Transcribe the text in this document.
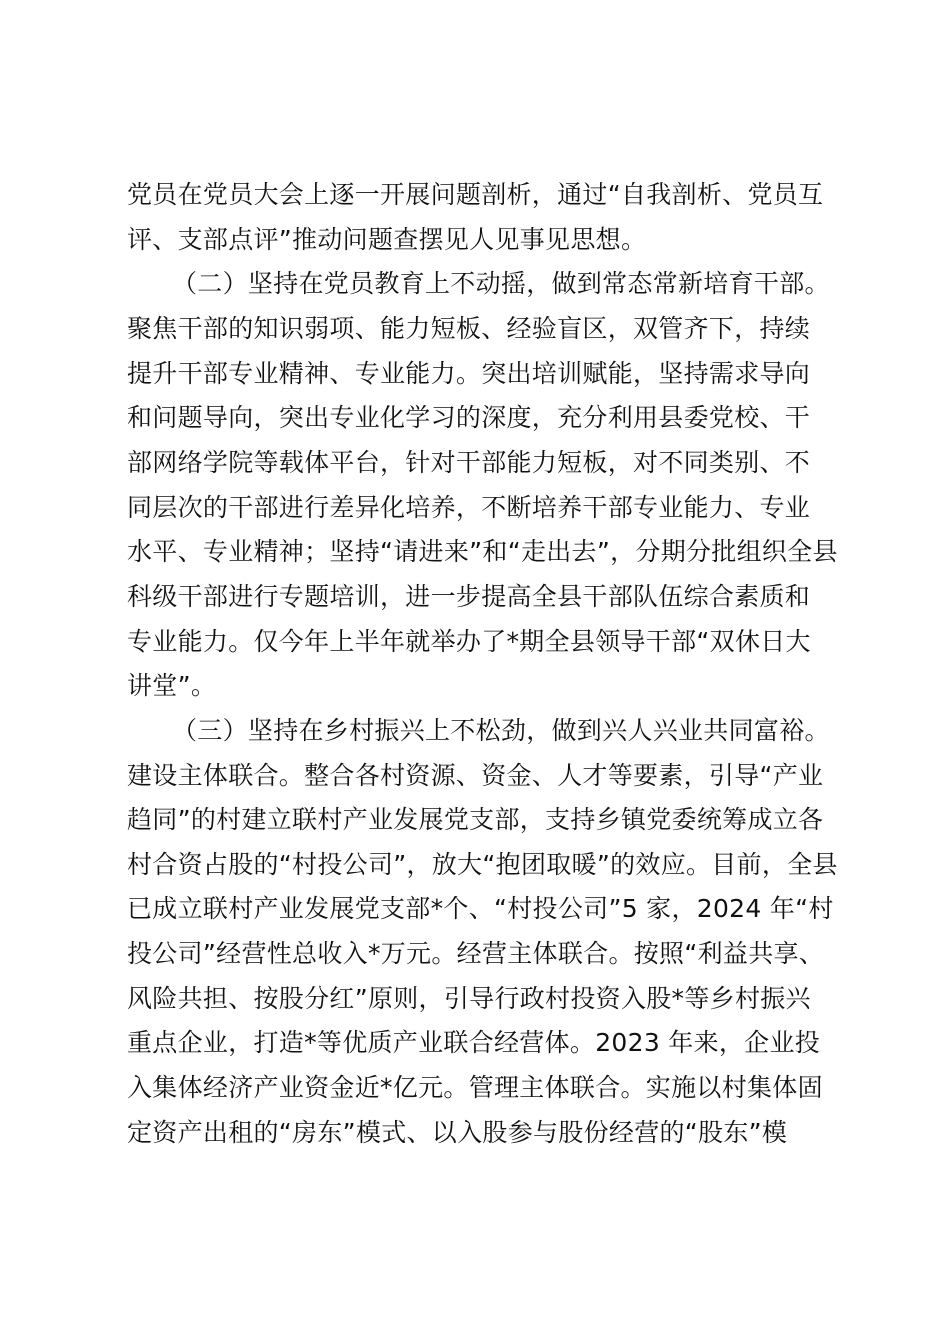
党员在党员大会上逐一开展问题剖析，通过“自我剖析、党员互
评、支部点评”推动问题查摆见人见事见思想。
（二）坚持在党员教育上不动摇，做到常态常新培育干部。
聚焦干部的知识弱项、能力短板、经验盲区，双管齐下，持续
提升干部专业精神、专业能力。突出培训赋能，坚持需求导向
和问题导向，突出专业化学习的深度，充分利用县委党校、干
部网络学院等载体平台，针对干部能力短板，对不同类别、不
同层次的干部进行差异化培养，不断培养干部专业能力、专业
水平、专业精神；坚持“请进来”和“走出去”，分期分批组织全县
科级干部进行专题培训，进一步提高全县干部队伍综合素质和
专业能力。仅今年上半年就举办了*期全县领导干部“双休日大
讲堂”。
（三）坚持在乡村振兴上不松劲，做到兴人兴业共同富裕。
建设主体联合。整合各村资源、资金、人才等要素，引导“产业
趋同”的村建立联村产业发展党支部，支持乡镇党委统筹成立各
村合资占股的“村投公司”，放大“抱团取暖”的效应。目前，全县
已成立联村产业发展党支部*个、“村投公司”5 家，2024 年“村
投公司”经营性总收入*万元。经营主体联合。按照“利益共享、
风险共担、按股分红”原则，引导行政村投资入股*等乡村振兴
重点企业，打造*等优质产业联合经营体。2023 年来，企业投
入集体经济产业资金近*亿元。管理主体联合。实施以村集体固
定资产出租的“房东”模式、以入股参与股份经营的“股东”模
